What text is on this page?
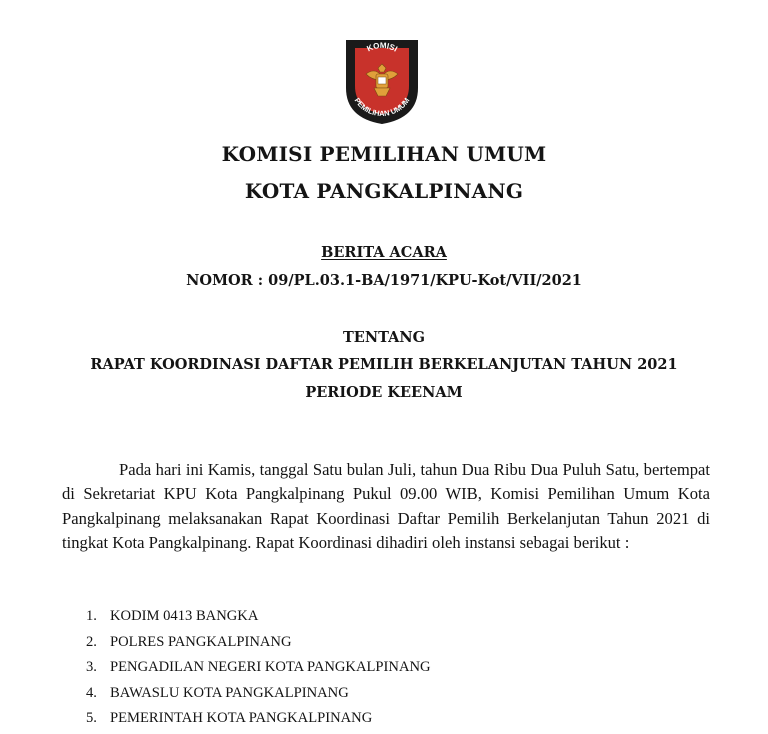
KOMISI
PEMILIHAN UMUM
KOMISI PEMILIHAN UMUM
KOTA PANGKALPINANG
BERITA ACARA
NOMOR : 09/PL.03.1-BA/1971/KPU-Kot/VII/2021
TENTANG
RAPAT KOORDINASI DAFTAR PEMILIH BERKELANJUTAN TAHUN 2021
PERIODE KEENAM

Pada hari ini Kamis, tanggal Satu bulan Juli, tahun Dua Ribu Dua Puluh Satu, bertempat di Sekretariat KPU Kota Pangkalpinang Pukul 09.00 WIB, Komisi Pemilihan Umum Kota Pangkalpinang melaksanakan Rapat Koordinasi Daftar Pemilih Berkelanjutan Tahun 2021 di tingkat Kota Pangkalpinang. Rapat Koordinasi dihadiri oleh instansi sebagai berikut :

1. KODIM 0413 BANGKA
2. POLRES PANGKALPINANG
3. PENGADILAN NEGERI KOTA PANGKALPINANG
4. BAWASLU KOTA PANGKALPINANG
5. PEMERINTAH KOTA PANGKALPINANG
